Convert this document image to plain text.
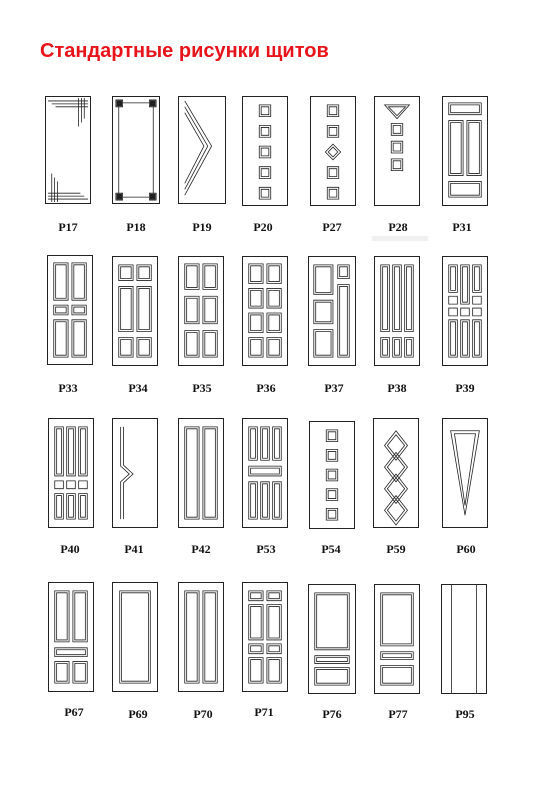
Стандартные рисунки щитов
P17	P18	P19	P20	P27	P28	P31
P33	P34	P35	P36	P37	P38	P39
P40	P41	P42	P53	P54	P59	P60
P67	P69	P70	P71	P76	P77	P95
